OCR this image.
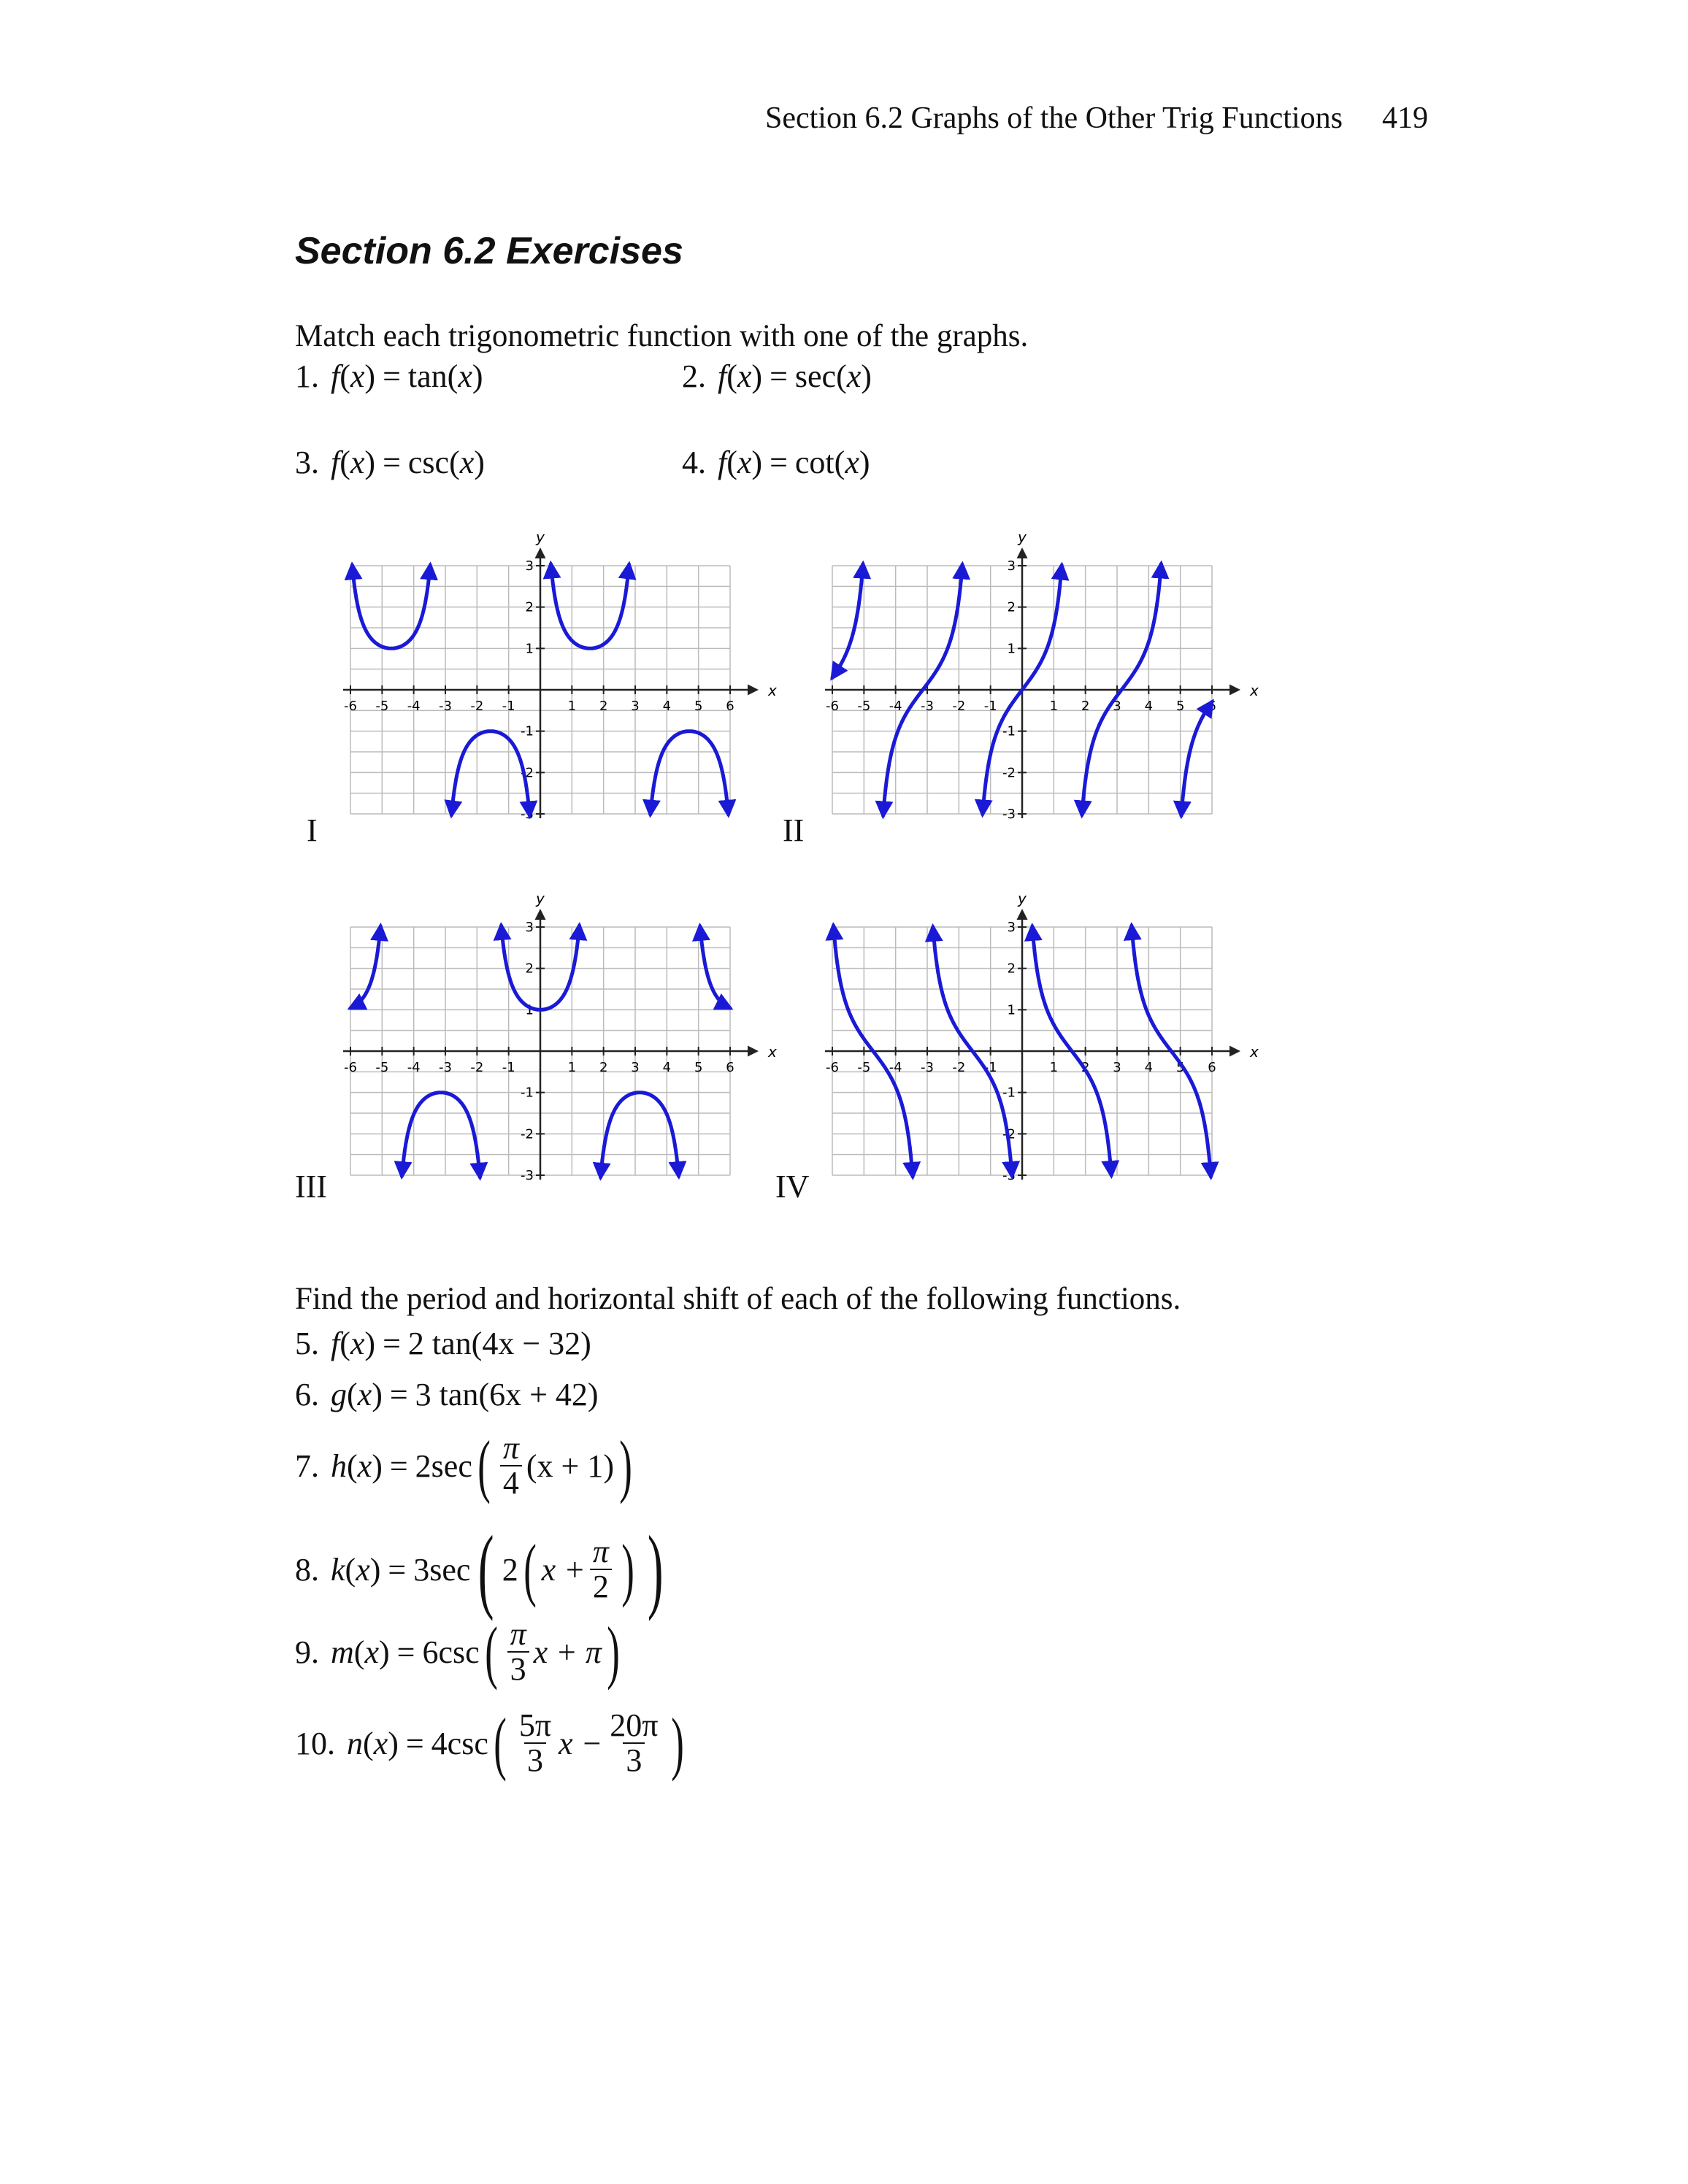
Section 6.2 Graphs of the Other Trig Functions 419
Section 6.2 Exercises
Match each trigonometric function with one of the graphs.
1. f ( x ) = tan ( x )	2. f ( x ) = sec ( x )
3. f ( x ) = csc ( x )	4. f ( x ) = cot ( x )
x
y
-6 -5 -4 -3 -2 -1	1 2 3 4 5 6
-3
-2
-1
1
2
3
x
y
-6 -5 -4 -3 -2 -1	1 2 3 4 5 6
-3
-2
-1
1
2
3
x
y
-6 -5 -4 -3 -2 -1	1 2 3 4 5 6
-3
-2
-1
1
2
3
x
y
-6 -5 -4 -3 -2 -1	1 2 3 4 5 6
-3
-2
-1
1
2
3
I	II
III	IV
Find the period and horizontal shift of each of the following functions.
5. f ( x ) = 2
tan ( 4x − 32 )
6. g ( x ) = 3
tan ( 6x + 42 )
7. h ( x ) = 2 sec ( $\frac{\pi}{4} (x + 1)$ )
8. k ( x ) = 3 sec ( 2 ( $x + \frac{\pi}{2}$ ) )
9. m ( x ) = 6 csc ( $\frac{\pi}{3}$ x + π )
10. n ( x ) = 4 csc ( $\frac{5\pi}{3}$ $x - \frac{20\pi}{3}$ )
